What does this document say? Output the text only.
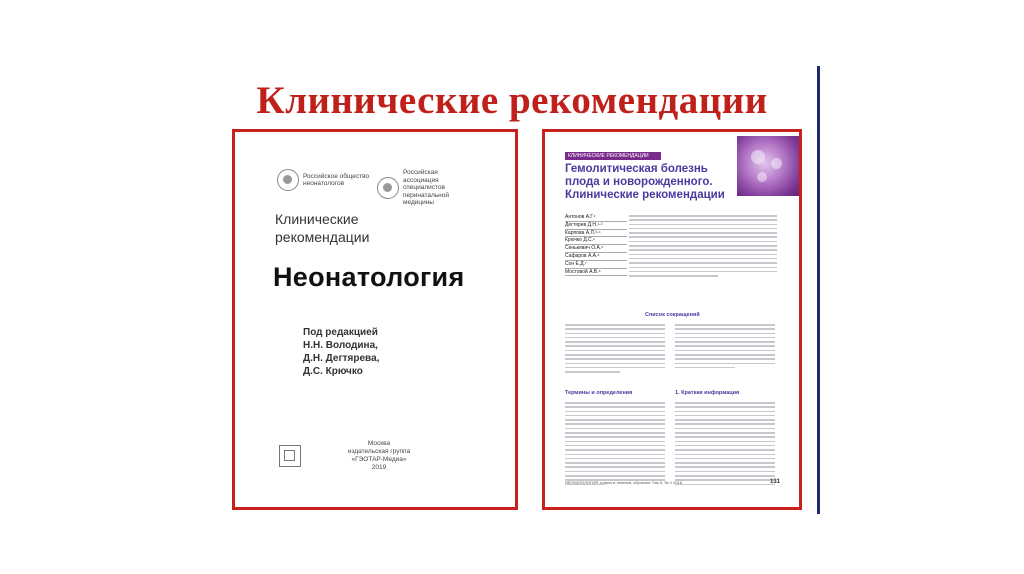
Клинические рекомендации
Российское общество
неонатологов
Российская ассоциация
специалистов
перинатальной медицины
Клинические
рекомендации
Неонатология
Под редакцией
Н.Н. Володина,
Д.Н. Дегтярева,
Д.С. Крючко
Москва
издательская группа
«ГЭОТАР-Медиа»
2019
КЛИНИЧЕСКИЕ РЕКОМЕНДАЦИИ
Гемолитическая болезнь плода и новорожденного. Клинические рекомендации
Антонов А.Г.¹
Дегтярев Д.Н.¹·²
Карпова А.Л.³·⁴
Крючко Д.С.¹
Сенькевич О.А.⁵
Сафаров А.А.⁶
Сон Е.Д.⁷
Мостовой А.В.⁸
Список сокращений
Термины и определения	1. Краткая информация
НЕОНАТОЛОГИЯ: новости, мнения, обучение Том 6, № 2 2018	131
